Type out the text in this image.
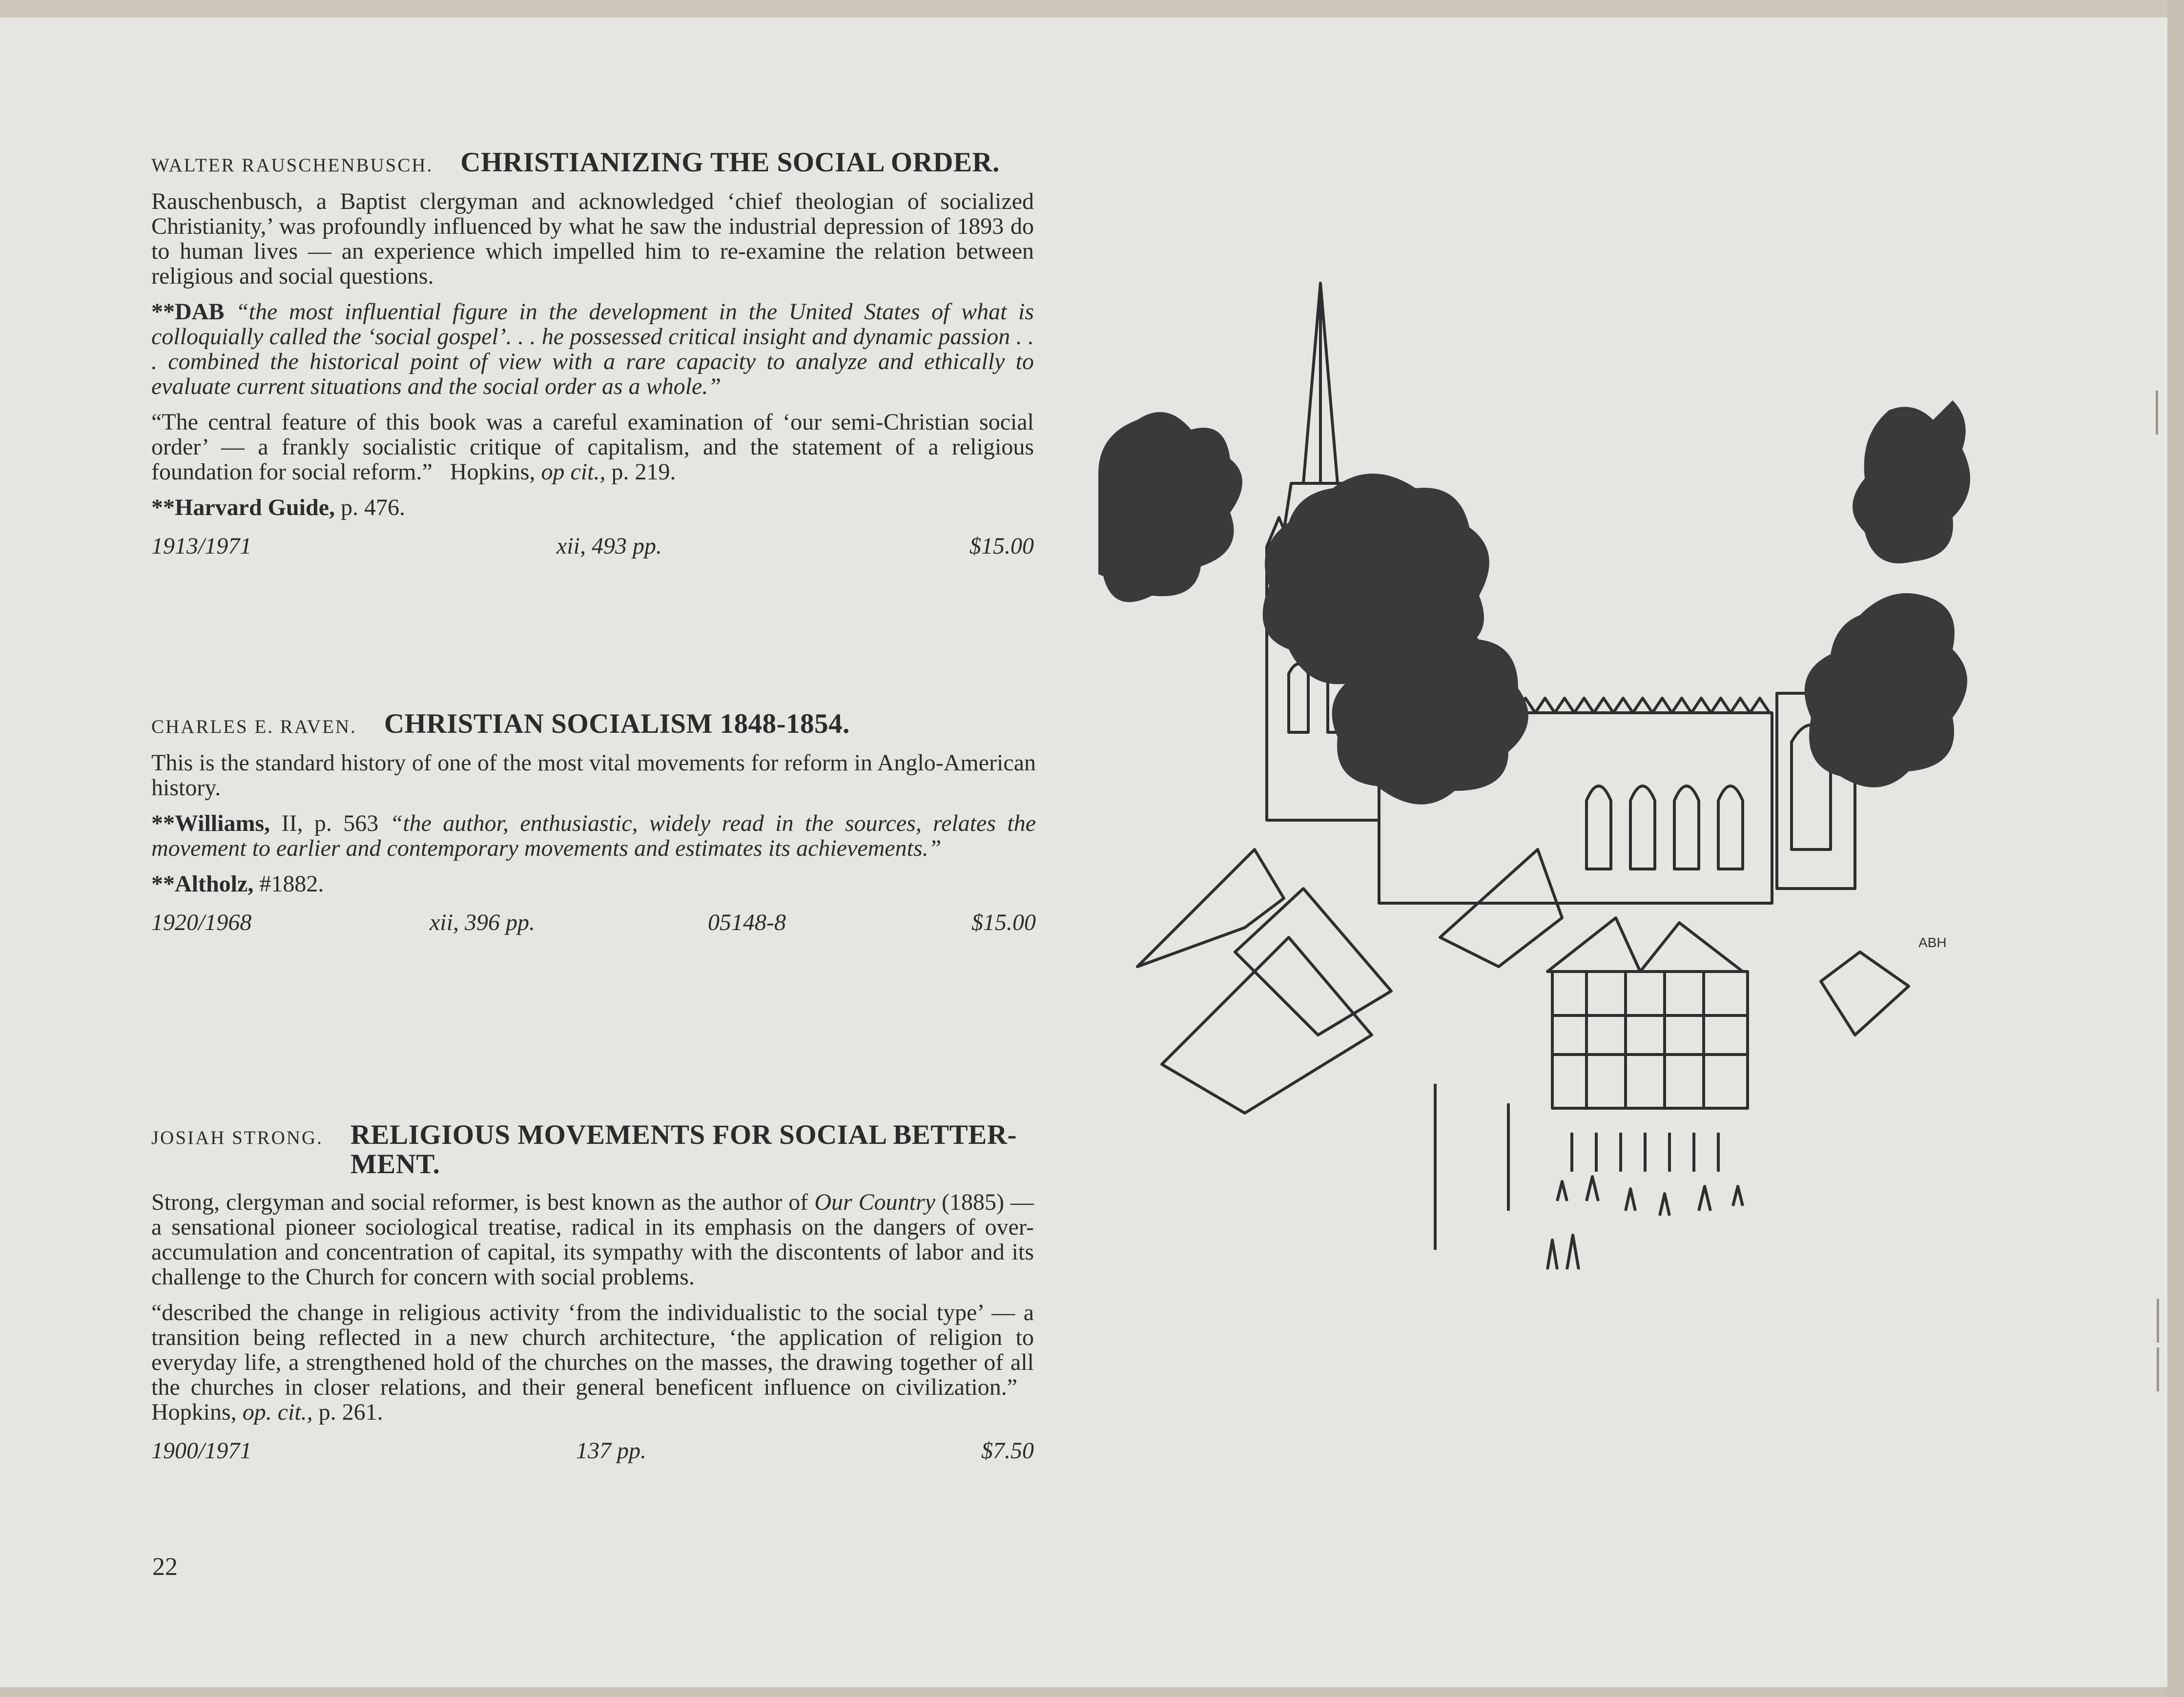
WALTER RAUSCHENBUSCH. CHRISTIANIZING THE SOCIAL ORDER.

Rauschenbusch, a Baptist clergyman and acknowledged ‘chief theologian of socialized Christianity,’ was profoundly influenced by what he saw the industrial depression of 1893 do to human lives — an experience which impelled him to re-examine the relation between religious and social questions.

**DAB “the most influential figure in the development in the United States of what is colloquially called the ‘social gospel’. . . he possessed critical insight and dynamic passion . . . combined the historical point of view with a rare capacity to analyze and ethically to evaluate current situations and the social order as a whole.”

“The central feature of this book was a careful examination of ‘our semi-Christian social order’ — a frankly socialistic critique of capitalism, and the statement of a religious foundation for social reform.” Hopkins, op cit., p. 219.

**Harvard Guide, p. 476.

1913/1971	xii, 493 pp.	$15.00
CHARLES E. RAVEN. CHRISTIAN SOCIALISM 1848-1854.

This is the standard history of one of the most vital movements for reform in Anglo-American history.

**Williams, II, p. 563 “the author, enthusiastic, widely read in the sources, relates the movement to earlier and contemporary movements and estimates its achievements.”

**Altholz, #1882.

1920/1968	xii, 396 pp.	05148-8	$15.00
JOSIAH STRONG. RELIGIOUS MOVEMENTS FOR SOCIAL BETTER-MENT.

Strong, clergyman and social reformer, is best known as the author of Our Country (1885) — a sensational pioneer sociological treatise, radical in its emphasis on the dangers of over-accumulation and concentration of capital, its sympathy with the discontents of labor and its challenge to the Church for concern with social problems.

“described the change in religious activity ‘from the individualistic to the social type’ — a transition being reflected in a new church architecture, ‘the application of religion to everyday life, a strengthened hold of the churches on the masses, the drawing together of all the churches in closer relations, and their general beneficent influence on civilization.”   Hopkins, op. cit., p. 261.

1900/1971	137 pp.	$7.50
22
ABH
